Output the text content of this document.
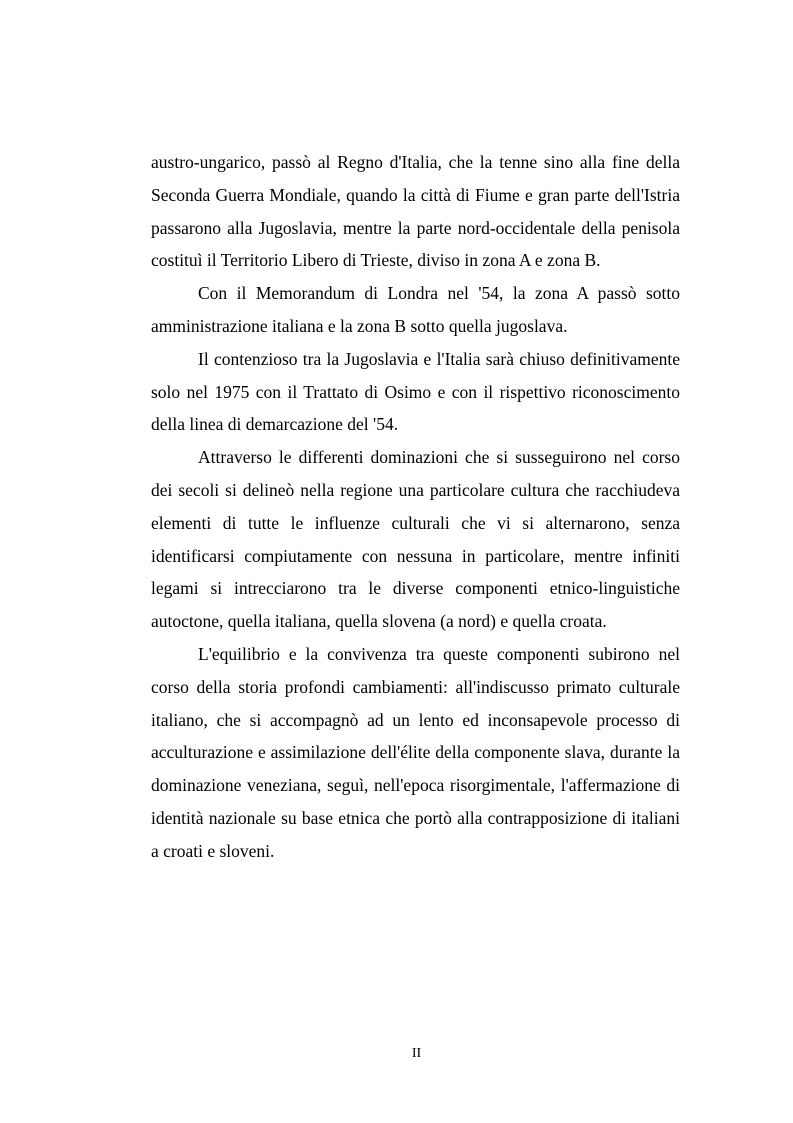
austro-ungarico, passò al Regno d'Italia, che la tenne sino alla fine della Seconda Guerra Mondiale, quando la città di Fiume e gran parte dell'Istria passarono alla Jugoslavia, mentre la parte nord-occidentale della penisola costituì il Territorio Libero di Trieste, diviso in zona A e zona B.

Con il Memorandum di Londra nel '54, la zona A passò sotto amministrazione italiana e la zona B sotto quella jugoslava.

Il contenzioso tra la Jugoslavia e l'Italia sarà chiuso definitivamente solo nel 1975 con il Trattato di Osimo e con il rispettivo riconoscimento della linea di demarcazione del '54.

Attraverso le differenti dominazioni che si susseguirono nel corso dei secoli si delineò nella regione una particolare cultura che racchiudeva elementi di tutte le influenze culturali che vi si alternarono, senza identificarsi compiutamente con nessuna in particolare, mentre infiniti legami si intrecciarono tra le diverse componenti etnico-linguistiche autoctone, quella italiana, quella slovena (a nord) e quella croata.

L'equilibrio e la convivenza tra queste componenti subirono nel corso della storia profondi cambiamenti: all'indiscusso primato culturale italiano, che si accompagnò ad un lento ed inconsapevole processo di acculturazione e assimilazione dell'élite della componente slava, durante la dominazione veneziana, seguì, nell'epoca risorgimentale, l'affermazione di identità nazionale su base etnica che portò alla contrapposizione di italiani a croati e sloveni.

II
